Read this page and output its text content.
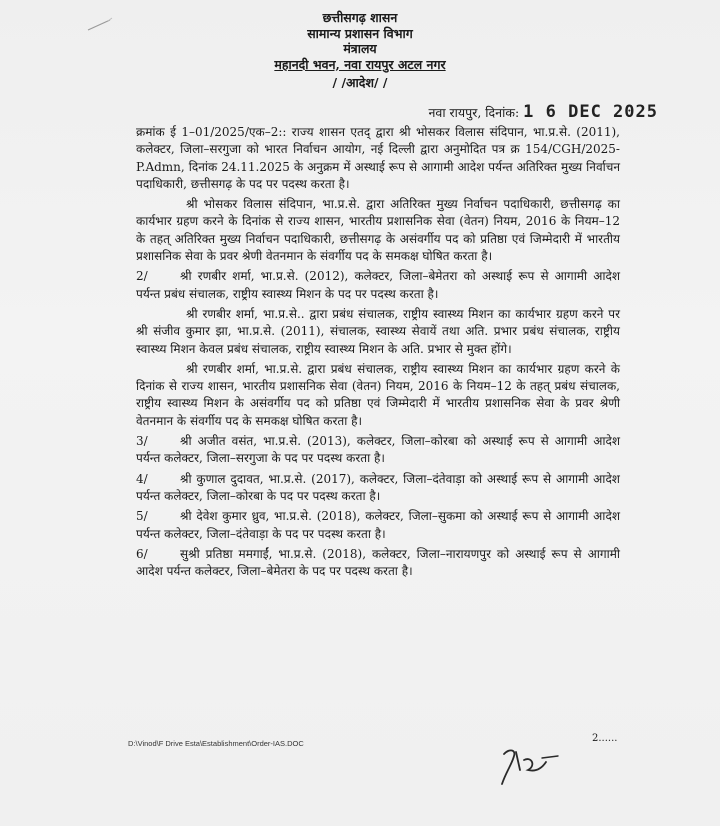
छत्तीसगढ़ शासन
सामान्य प्रशासन विभाग
मंत्रालय
महानदी भवन, नवा रायपुर अटल नगर
/ /आदेश/ /
नवा रायपुर, दिनांक: 1 6 DEC 2025

क्रमांक ई 1–01/2025/एक–2:: राज्य शासन एतद् द्वारा श्री भोसकर विलास संदिपान, भा.प्र.से. (2011), कलेक्टर, जिला–सरगुजा को भारत निर्वाचन आयोग, नई दिल्ली द्वारा अनुमोदित पत्र क्र 154/CGH/2025-P.Admn, दिनांक 24.11.2025 के अनुक्रम में अस्थाई रूप से आगामी आदेश पर्यन्त अतिरिक्त मुख्य निर्वाचन पदाधिकारी, छत्तीसगढ़ के पद पर पदस्थ करता है।

श्री भोसकर विलास संदिपान, भा.प्र.से. द्वारा अतिरिक्त मुख्य निर्वाचन पदाधिकारी, छत्तीसगढ़ का कार्यभार ग्रहण करने के दिनांक से राज्य शासन, भारतीय प्रशासनिक सेवा (वेतन) नियम, 2016 के नियम–12 के तहत् अतिरिक्त मुख्य निर्वाचन पदाधिकारी, छत्तीसगढ़ के असंवर्गीय पद को प्रतिष्ठा एवं जिम्मेदारी में भारतीय प्रशासनिक सेवा के प्रवर श्रेणी वेतनमान के संवर्गीय पद के समकक्ष घोषित करता है।

2/	श्री रणबीर शर्मा, भा.प्र.से. (2012), कलेक्टर, जिला–बेमेतरा को अस्थाई रूप से आगामी आदेश पर्यन्त प्रबंध संचालक, राष्ट्रीय स्वास्थ्य मिशन के पद पर पदस्थ करता है।

श्री रणबीर शर्मा, भा.प्र.से.. द्वारा प्रबंध संचालक, राष्ट्रीय स्वास्थ्य मिशन का कार्यभार ग्रहण करने पर श्री संजीव कुमार झा, भा.प्र.से. (2011), संचालक, स्वास्थ्य सेवायें तथा अति. प्रभार प्रबंध संचालक, राष्ट्रीय स्वास्थ्य मिशन केवल प्रबंध संचालक, राष्ट्रीय स्वास्थ्य मिशन के अति. प्रभार से मुक्त होंगे।

श्री रणबीर शर्मा, भा.प्र.से. द्वारा प्रबंध संचालक, राष्ट्रीय स्वास्थ्य मिशन का कार्यभार ग्रहण करने के दिनांक से राज्य शासन, भारतीय प्रशासनिक सेवा (वेतन) नियम, 2016 के नियम–12 के तहत् प्रबंध संचालक, राष्ट्रीय स्वास्थ्य मिशन के असंवर्गीय पद को प्रतिष्ठा एवं जिम्मेदारी में भारतीय प्रशासनिक सेवा के प्रवर श्रेणी वेतनमान के संवर्गीय पद के समकक्ष घोषित करता है।

3/	श्री अजीत वसंत, भा.प्र.से. (2013), कलेक्टर, जिला–कोरबा को अस्थाई रूप से आगामी आदेश पर्यन्त कलेक्टर, जिला–सरगुजा के पद पर पदस्थ करता है।

4/	श्री कुणाल दुदावत, भा.प्र.से. (2017), कलेक्टर, जिला–दंतेवाड़ा को अस्थाई रूप से आगामी आदेश पर्यन्त कलेक्टर, जिला–कोरबा के पद पर पदस्थ करता है।

5/	श्री देवेश कुमार ध्रुव, भा.प्र.से. (2018), कलेक्टर, जिला–सुकमा को अस्थाई रूप से आगामी आदेश पर्यन्त कलेक्टर, जिला–दंतेवाड़ा के पद पर पदस्थ करता है।

6/	सुश्री प्रतिष्ठा ममगाईं, भा.प्र.से. (2018), कलेक्टर, जिला–नारायणपुर को अस्थाई रूप से आगामी आदेश पर्यन्त कलेक्टर, जिला–बेमेतरा के पद पर पदस्थ करता है।

D:\Vinod\F Drive Esta\Establishment\Order-IAS.DOC	2......
